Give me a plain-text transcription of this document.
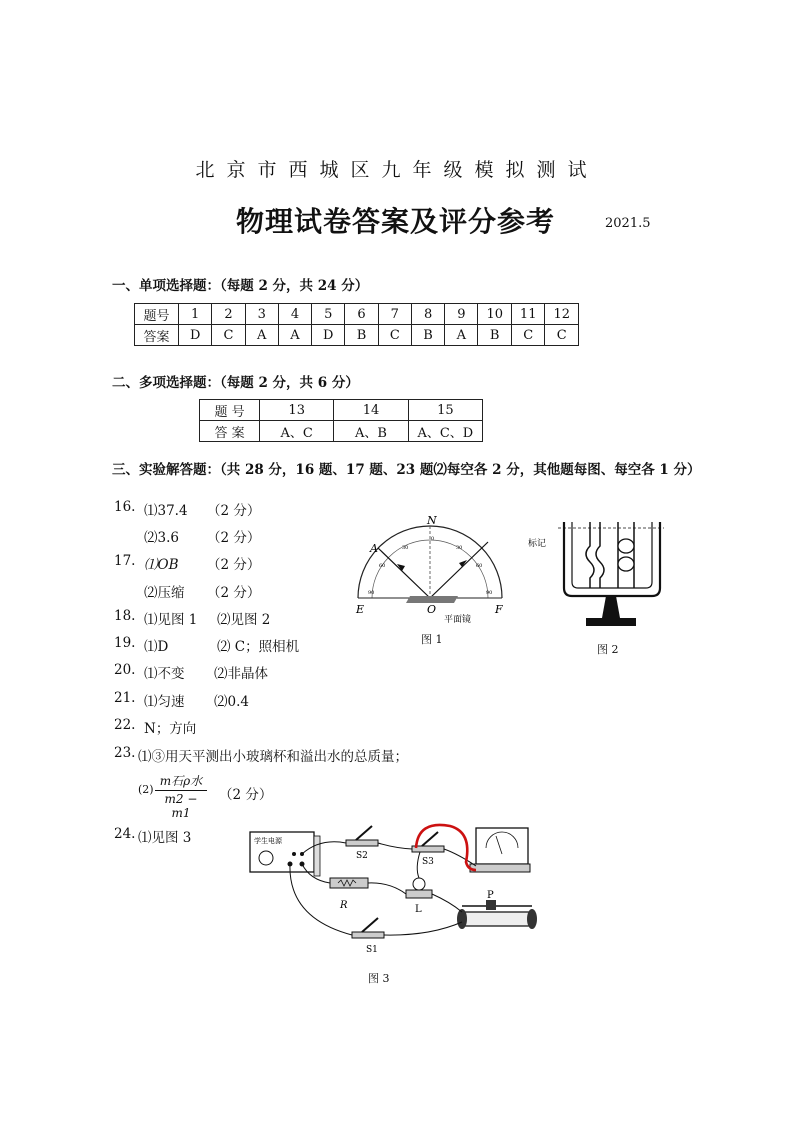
北京市西城区九年级模拟测试
物理试卷答案及评分参考	2021.5
一、单项选择题：（每题 2 分，共 24 分）
题号	1	2	3	4	5	6	7	8	9	10	11	12
答案	D	C	A	A	D	B	C	B	A	B	C	C
二、多项选择题：（每题 2 分，共 6 分）
题 号	13	14	15
答 案	A、C	A、B	A、C、D
三、实验解答题：（共 28 分，16 题、17 题、23 题⑵每空各 2 分，其他题每图、每空各 1 分）
16. ⑴37.4 （2 分）
⑵3.6 （2 分）
17. ⑴OB （2 分）
⑵压缩 （2 分）
18. ⑴见图 1 ⑵见图 2
19. ⑴D	⑵ C；照相机
20. ⑴不变 ⑵非晶体
21. ⑴匀速 ⑵0.4
22. N；方向
23. ⑴③用天平测出小玻璃杯和溢出水的总质量；
(2)
m石ρ水
m2 − m1
（2 分）
24. ⑴见图 3
A
N
E	F
O
平面镜
90
60
30
0
30
60
90
图 1
标记
图 2
学生电源
S2
S3
R	L
P
S1
图 3
